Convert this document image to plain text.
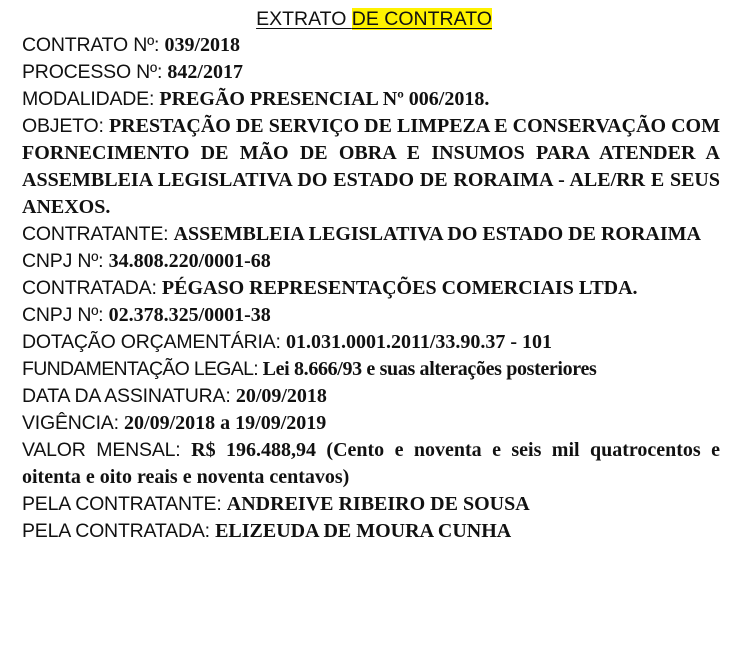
EXTRATO DE CONTRATO

CONTRATO Nº: 039/2018

PROCESSO Nº: 842/2017

MODALIDADE: PREGÃO PRESENCIAL Nº 006/2018.

OBJETO: PRESTAÇÃO DE SERVIÇO DE LIMPEZA E CONSERVAÇÃO COM FORNECIMENTO DE MÃO DE OBRA E INSUMOS PARA ATENDER A ASSEMBLEIA LEGISLATIVA DO ESTADO DE RORAIMA - ALE/RR E SEUS ANEXOS.

CONTRATANTE: ASSEMBLEIA LEGISLATIVA DO ESTADO DE RORAIMA

CNPJ Nº: 34.808.220/0001-68

CONTRATADA: PÉGASO REPRESENTAÇÕES COMERCIAIS LTDA.

CNPJ Nº: 02.378.325/0001-38

DOTAÇÃO ORÇAMENTÁRIA: 01.031.0001.2011/33.90.37 - 101

FUNDAMENTAÇÃO LEGAL: Lei 8.666/93 e suas alterações posteriores

DATA DA ASSINATURA: 20/09/2018

VIGÊNCIA: 20/09/2018 a 19/09/2019

VALOR MENSAL: R$ 196.488,94 (Cento e noventa e seis mil quatrocentos e oitenta e oito reais e noventa centavos)

PELA CONTRATANTE: ANDREIVE RIBEIRO DE SOUSA

PELA CONTRATADA: ELIZEUDA DE MOURA CUNHA
